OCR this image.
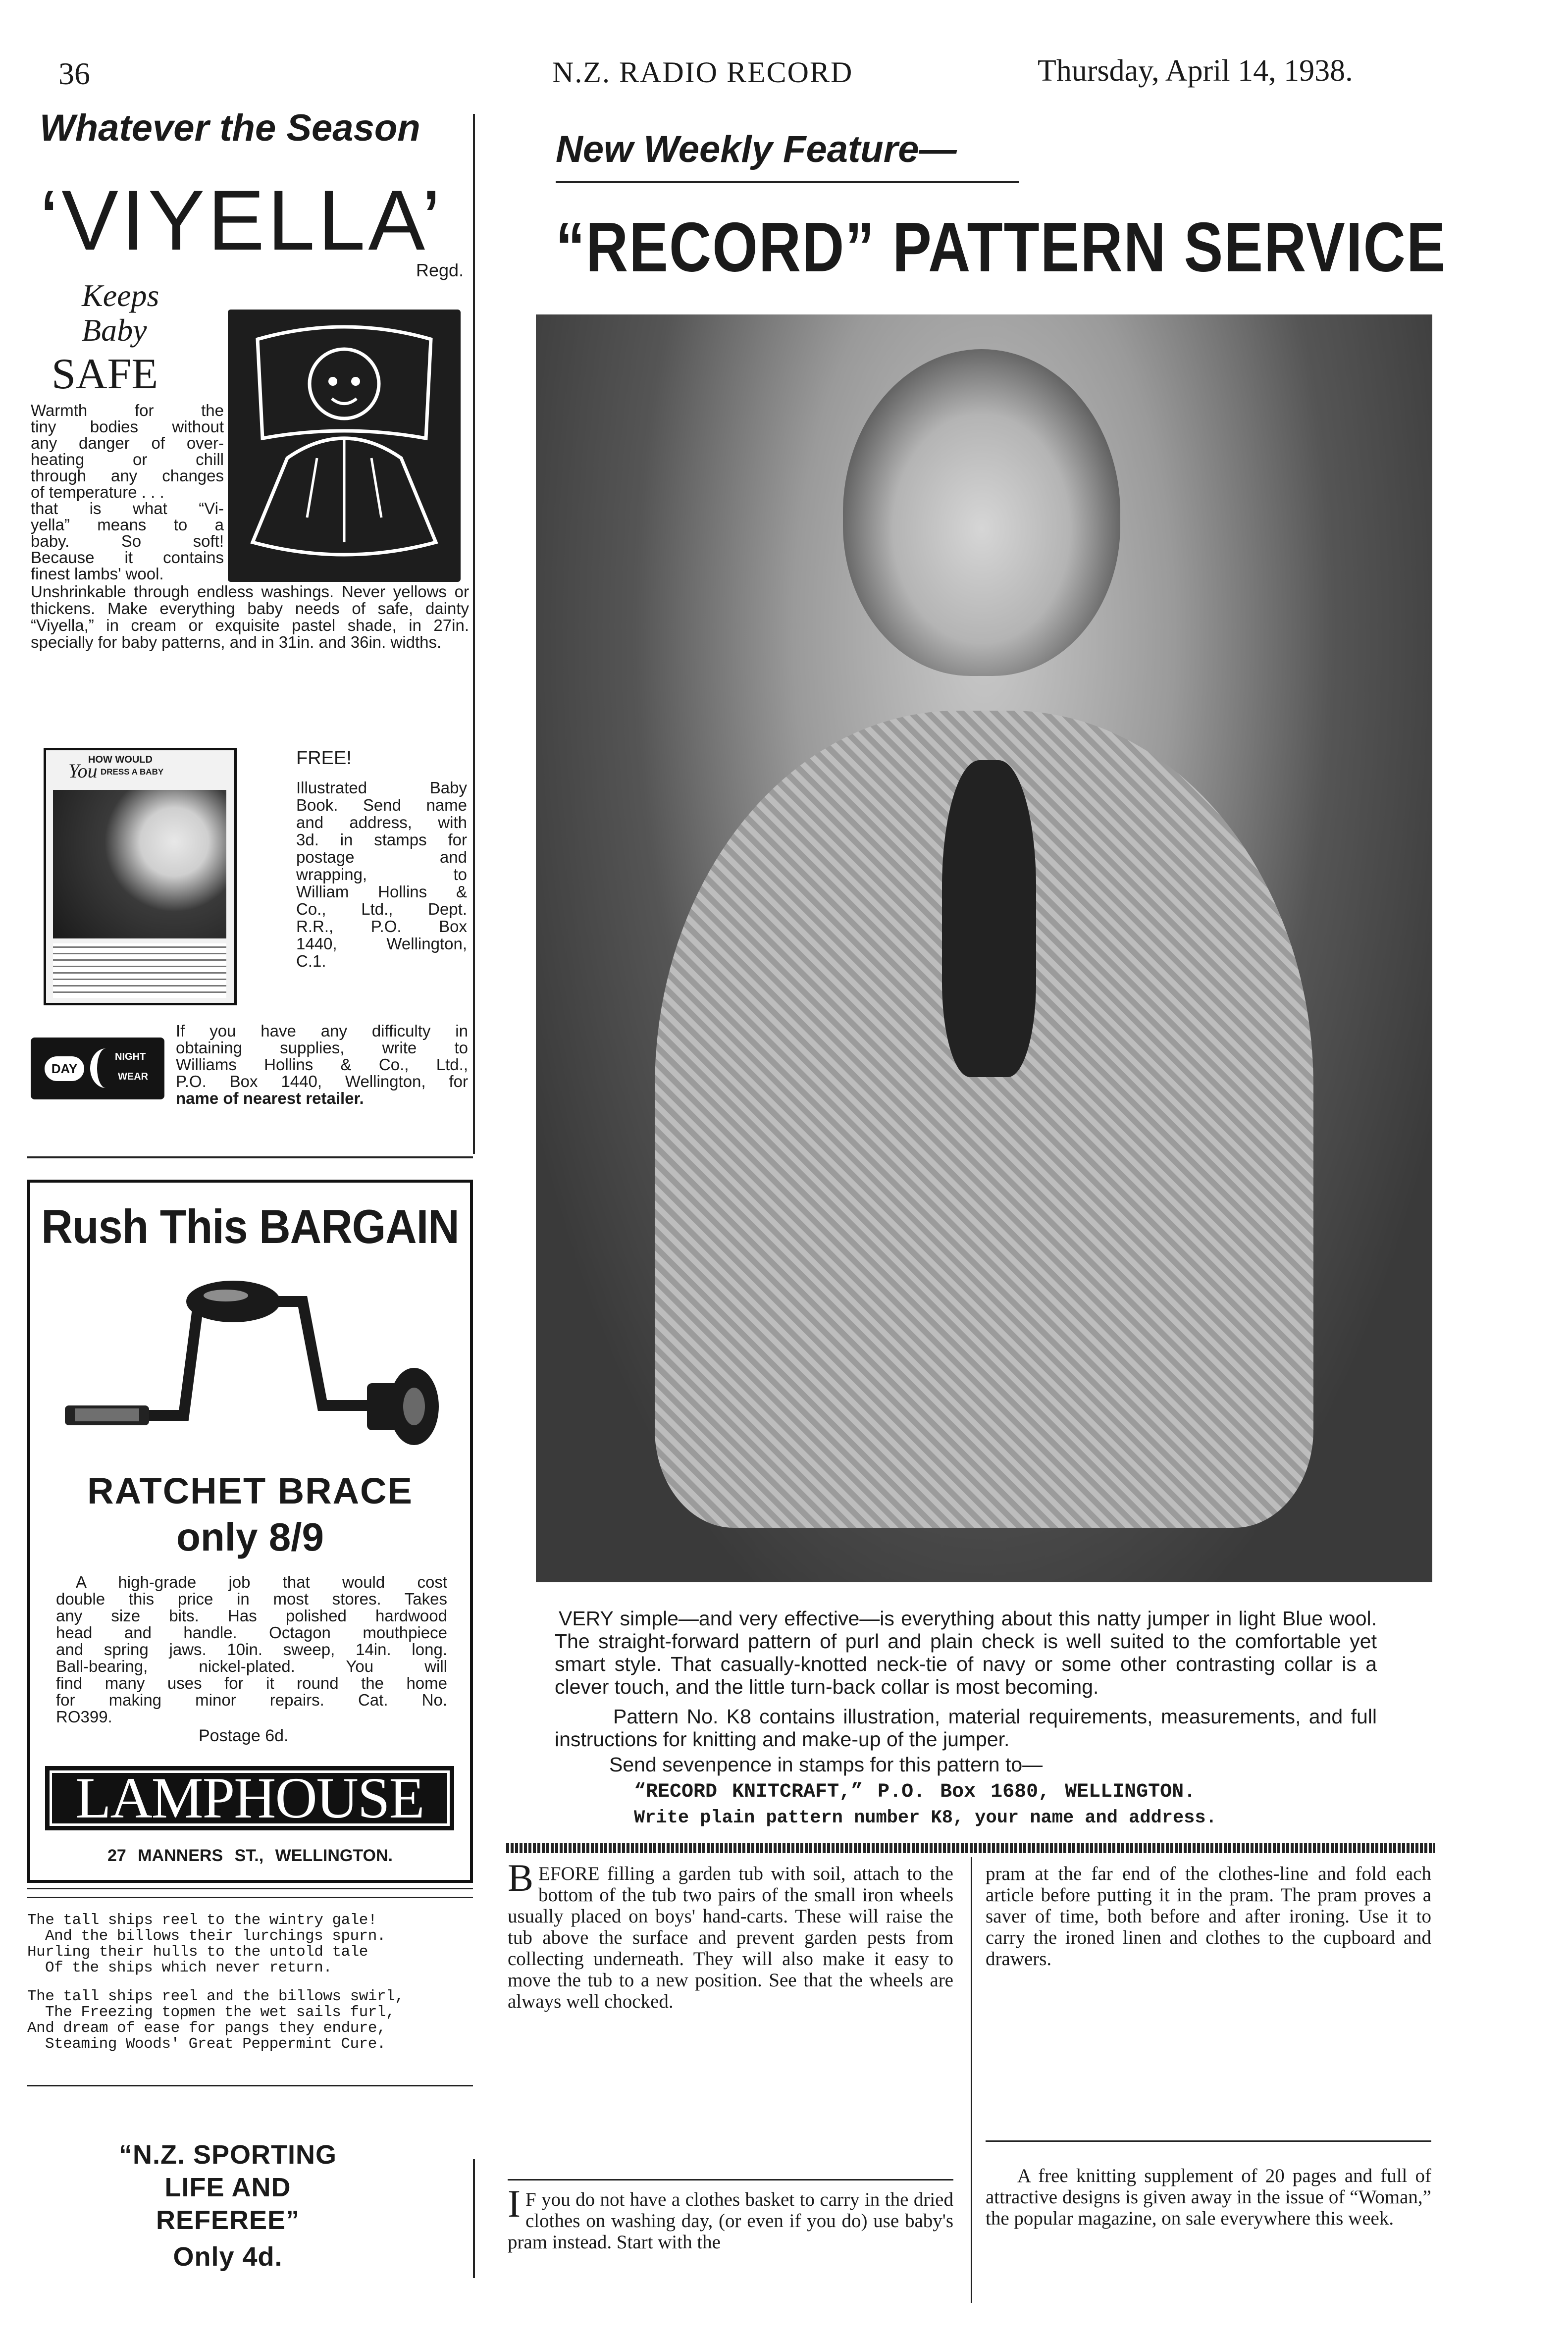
36	N.Z. RADIO RECORD	Thursday, April 14, 1938.
Whatever the Season
‘VIYELLA’
Regd.
Keeps
Baby
SAFE
Warmth for the
tiny bodies without
any danger of over-
heating or chill
through any changes
of temperature . . .
that is what “Vi-
yella” means to a
baby. So soft!
Because it contains
finest lambs' wool.
Unshrinkable through endless washings. Never yellows or thickens. Make everything baby needs of safe, dainty “Viyella,” in cream or exquisite pastel shade, in 27in. specially for baby patterns, and in 31in. and 36in. widths.
HOW WOULD
You DRESS A BABY
FREE!
Illustrated Baby
Book. Send name
and address, with
3d. in stamps for
postage and
wrapping, to
William Hollins &
Co., Ltd., Dept.
R.R., P.O. Box
1440, Wellington,
C.1.
DAY
NIGHT
WEAR
If you have any difficulty in
obtaining supplies, write to
Williams Hollins & Co., Ltd.,
P.O. Box 1440, Wellington, for
name of nearest retailer.
Rush This BARGAIN
RATCHET BRACE
only 8/9
A high-grade job that would cost
double this price in most stores. Takes
any size bits. Has polished hardwood
head and handle. Octagon mouthpiece
and spring jaws. 10in. sweep, 14in. long.
Ball-bearing, nickel-plated. You will
find many uses for it round the home
for making minor repairs. Cat. No.
RO399.
Postage 6d.
LAMPHOUSE
27 MANNERS ST., WELLINGTON.
The tall ships reel to the wintry gale!
And the billows their lurchings spurn.
Hurling their hulls to the untold tale
Of the ships which never return.
The tall ships reel and the billows swirl,
The Freezing topmen the wet sails furl,
And dream of ease for pangs they endure,
Steaming Woods' Great Peppermint Cure.
“N.Z. SPORTING
LIFE AND
REFEREE”
Only 4d.
New Weekly Feature—
“RECORD” PATTERN SERVICE
VERY simple—and very effective—is everything about this natty jumper in light Blue wool. The straight-forward pattern of purl and plain check is well suited to the comfortable yet smart style. That casually-knotted neck-tie of navy or some other contrasting collar is a clever touch, and the little turn-back collar is most becoming.
Pattern No. K8 contains illustration, material requirements, measurements, and full instructions for knitting and make-up of the jumper.
Send sevenpence in stamps for this pattern to—
“RECORD KNITCRAFT,” P.O. Box 1680, WELLINGTON.
Write plain pattern number K8, your name and address.
BEFORE filling a garden tub with soil, attach to the bottom of the tub two pairs of the small iron wheels usually placed on boys' hand-carts. These will raise the tub above the surface and prevent garden pests from collecting underneath. They will also make it easy to move the tub to a new position. See that the wheels are always well chocked.
I F you do not have a clothes basket to carry in the dried clothes on washing day, (or even if you do) use baby's pram instead. Start with the
pram at the far end of the clothes-line and fold each article before putting it in the pram. The pram proves a saver of time, both before and after ironing. Use it to carry the ironed linen and clothes to the cupboard and drawers.
A free knitting supplement of 20 pages and full of attractive designs is given away in the issue of “Woman,” the popular magazine, on sale everywhere this week.
